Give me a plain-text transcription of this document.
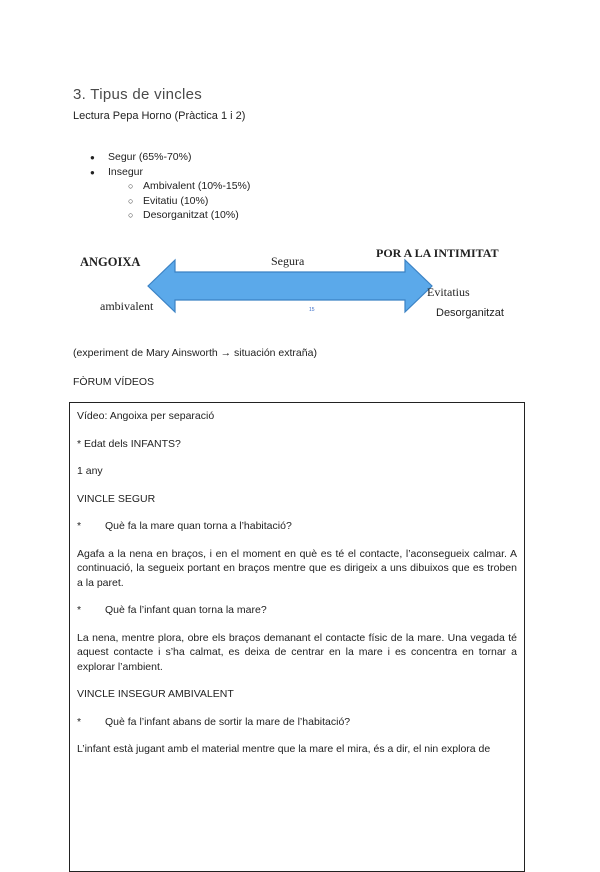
3. Tipus de vincles
Lectura Pepa Horno (Pràctica 1 i 2)
● Segur (65%-70%)
● Insegur
○ Ambivalent (10%-15%)
○ Evitatiu (10%)
○ Desorganitzat (10%)
ANGOIXA
POR A LA INTIMITAT
Segura
ambivalent
Evitatius
Desorganitzat
15
(experiment de Mary Ainsworth → situación extraña)
FÒRUM VÍDEOS

Vídeo: Angoixa per separació

* Edat dels INFANTS?

1 any

VINCLE SEGUR

* Què fa la mare quan torna a l’habitació?

Agafa a la nena en braços, i en el moment en què es té el contacte, l’aconsegueix calmar. A continuació, la segueix portant en braços mentre que es dirigeix a uns dibuixos que es troben a la paret.

* Què fa l’infant quan torna la mare?

La nena, mentre plora, obre els braços demanant el contacte físic de la mare. Una vegada té aquest contacte i s’ha calmat, es deixa de centrar en la mare i es concentra en tornar a explorar l’ambient.

VINCLE INSEGUR AMBIVALENT

* Què fa l’infant abans de sortir la mare de l’habitació?

L’infant està jugant amb el material mentre que la mare el mira, és a dir, el nin explora de
